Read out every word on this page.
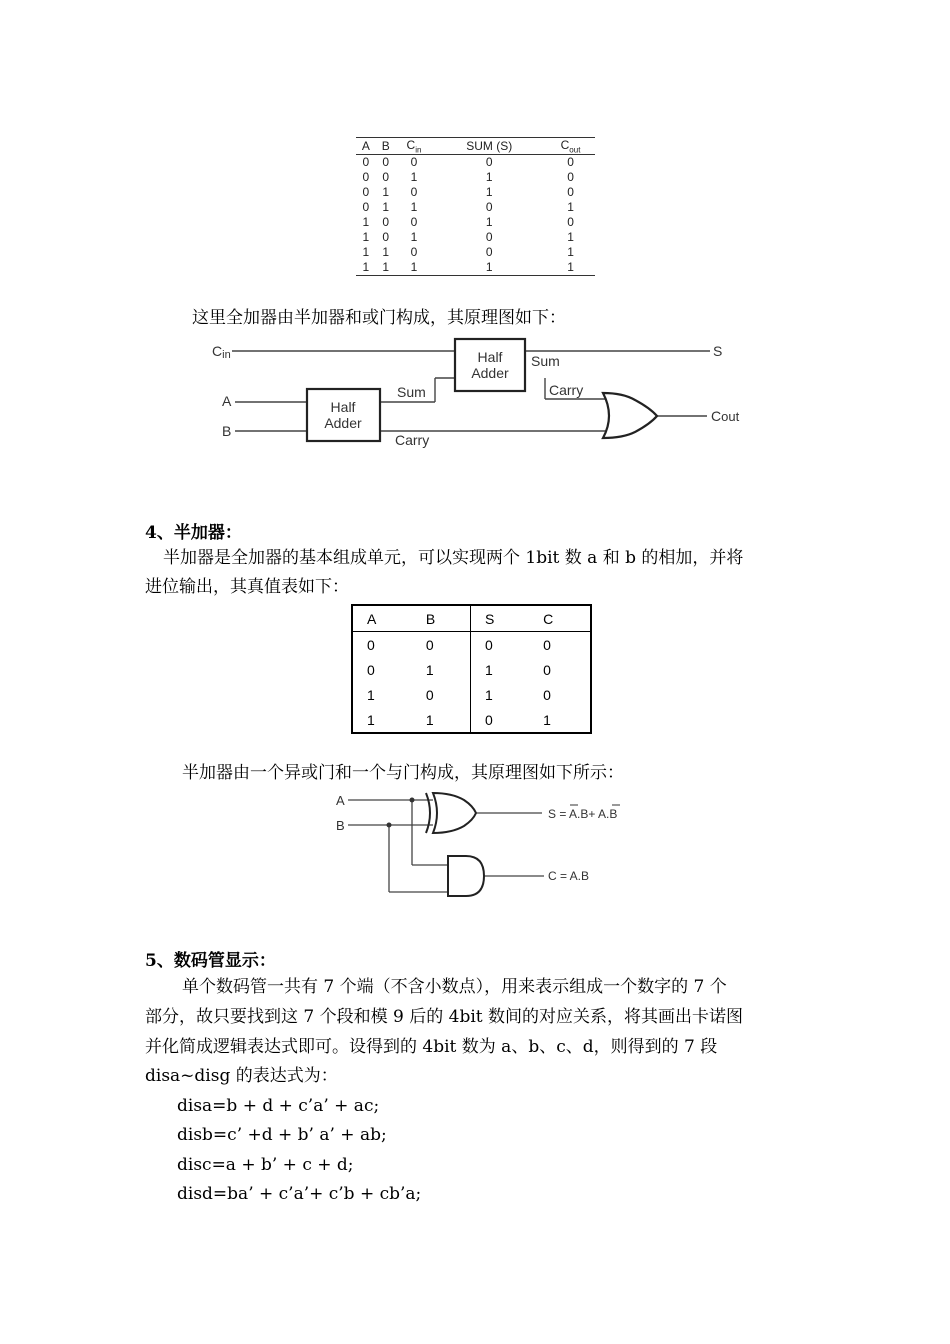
A	B	$C_{in}$	SUM (S)	$C_{out}$
0	0	0	0	0
0	0	1	1	0
0	1	0	1	0
0	1	1	0	1
1	0	0	1	0
1	0	1	0	1
1	1	0	0	1
1	1	1	1	1
这里全加器由半加器和或门构成，其原理图如下：
Cin
A
B
S
Cout
Half
Adder
Half
Adder
Sum
Carry
Sum
Carry
4、半加器：
半加器是全加器的基本组成单元，可以实现两个 1bit 数 a 和 b 的相加，并将
进位输出，其真值表如下：
A	B	S	C
0	0	0	0
0	1	1	0
1	0	1	0
1	1	0	1
半加器由一个异或门和一个与门构成，其原理图如下所示：
A
B
S = A.B+ A.B
C = A.B
5、数码管显示：
单个数码管一共有 7 个端（不含小数点），用来表示组成一个数字的 7 个
部分，故只要找到这 7 个段和模 9 后的 4bit 数间的对应关系，将其画出卡诺图
并化简成逻辑表达式即可。设得到的 4bit 数为 a、b、c、d，则得到的 7 段
disa~disg 的表达式为：
disa=b + d + c’a’ + ac;
disb=c’ +d + b’ a’ + ab;
disc=a + b’ + c + d;
disd=ba’ + c’a’+ c’b + cb’a;
